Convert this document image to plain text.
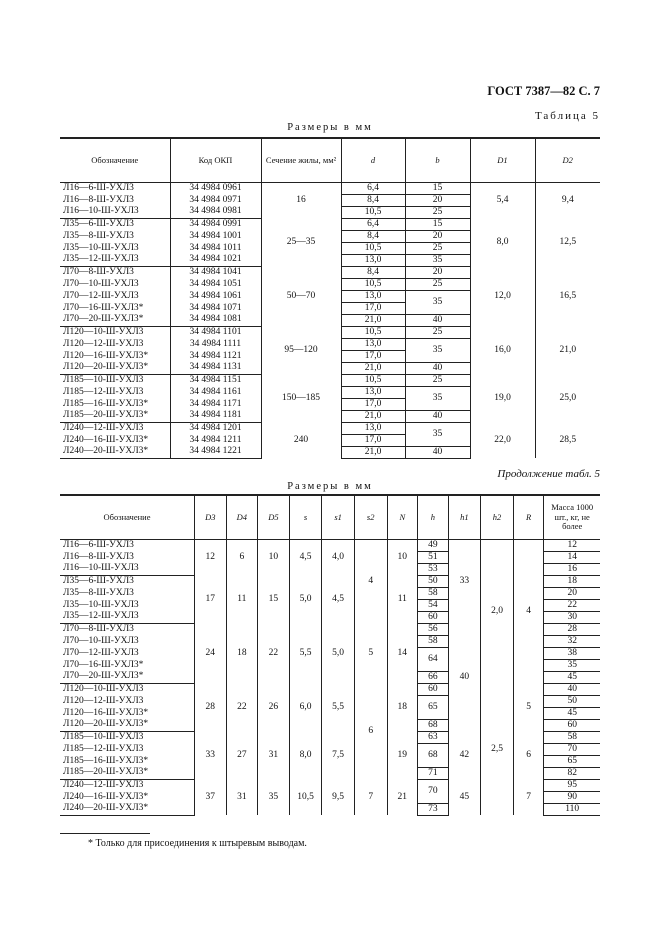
ГОСТ 7387—82 С. 7
Таблица 5
Размеры в мм
Обозначение	Код ОКП	Сечение жилы, мм²	d	b	D1	D2
Л16—6-Ш-УХЛ3	34 4984 0961	16	6,4	15	5,4	9,4
Л16—8-Ш-УХЛ3	34 4984 0971		8,4	20		
Л16—10-Ш-УХЛ3	34 4984 0981		10,5	25		
Л35—6-Ш-УХЛ3	34 4984 0991	25—35	6,4	15	8,0	12,5
Л35—8-Ш-УХЛ3	34 4984 1001		8,4	20		
Л35—10-Ш-УХЛ3	34 4984 1011		10,5	25		
Л35—12-Ш-УХЛ3	34 4984 1021		13,0	35		
Л70—8-Ш-УХЛ3	34 4984 1041	50—70	8,4	20	12,0	16,5
Л70—10-Ш-УХЛ3	34 4984 1051		10,5	25		
Л70—12-Ш-УХЛ3	34 4984 1061		13,0	35		
Л70—16-Ш-УХЛ3*	34 4984 1071		17,0			
Л70—20-Ш-УХЛ3*	34 4984 1081		21,0	40		
Л120—10-Ш-УХЛ3	34 4984 1101	95—120	10,5	25	16,0	21,0
Л120—12-Ш-УХЛ3	34 4984 1111		13,0	35		
Л120—16-Ш-УХЛ3*	34 4984 1121		17,0			
Л120—20-Ш-УХЛ3*	34 4984 1131		21,0	40		
Л185—10-Ш-УХЛ3	34 4984 1151	150—185	10,5	25	19,0	25,0
Л185—12-Ш-УХЛ3	34 4984 1161		13,0	35		
Л185—16-Ш-УХЛ3*	34 4984 1171		17,0			
Л185—20-Ш-УХЛ3*	34 4984 1181		21,0	40		
Л240—12-Ш-УХЛ3	34 4984 1201	240	13,0	35	22,0	28,5
Л240—16-Ш-УХЛ3*	34 4984 1211		17,0			
Л240—20-Ш-УХЛ3*	34 4984 1221		21,0	40		
Продолжение табл. 5
Размеры в мм
Обозначение	D3	D4	D5	s	s1	s2	N	h	h1	h2	R	Масса 1000 шт., кг, не более
Л16—6-Ш-УХЛ3	12	6	10	4,5	4,0	4	10	49	33	2,0	4	12
Л16—8-Ш-УХЛ3								51				14
Л16—10-Ш-УХЛ3								53				16
Л35—6-Ш-УХЛ3	17	11	15	5,0	4,5		11	50				18
Л35—8-Ш-УХЛ3								58				20
Л35—10-Ш-УХЛ3								54				22
Л35—12-Ш-УХЛ3								60				30
Л70—8-Ш-УХЛ3	24	18	22	5,5	5,0	5	14	56	40			28
Л70—10-Ш-УХЛ3								58				32
Л70—12-Ш-УХЛ3								64				38
Л70—16-Ш-УХЛ3*												35
Л70—20-Ш-УХЛ3*								66				45
Л120—10-Ш-УХЛ3	28	22	26	6,0	5,5	6	18	60		2,5	5	40
Л120—12-Ш-УХЛ3								65				50
Л120—16-Ш-УХЛ3*												45
Л120—20-Ш-УХЛ3*								68				60
Л185—10-Ш-УХЛ3	33	27	31	8,0	7,5		19	63	42		6	58
Л185—12-Ш-УХЛ3								68				70
Л185—16-Ш-УХЛ3*												65
Л185—20-Ш-УХЛ3*								71				82
Л240—12-Ш-УХЛ3	37	31	35	10,5	9,5	7	21	70	45		7	95
Л240—16-Ш-УХЛ3*												90
Л240—20-Ш-УХЛ3*								73				110
* Только для присоединения к штыревым выводам.
